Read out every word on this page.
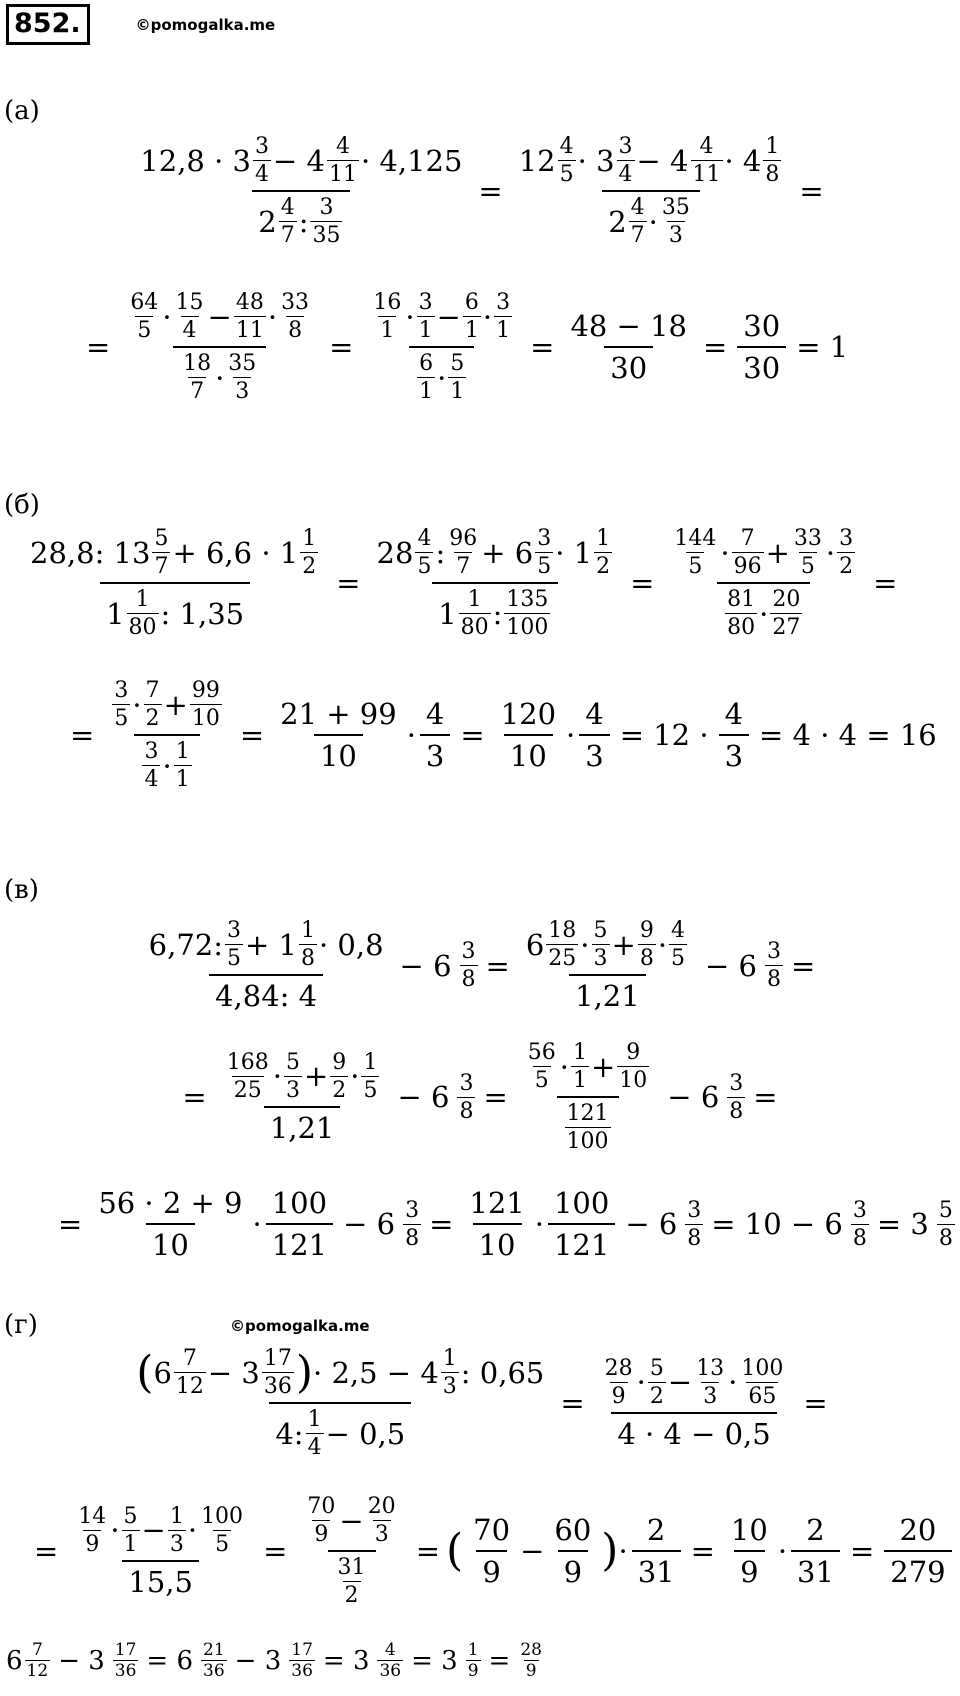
852.	©pomogalka.me
(а)
$\frac{12,8 \cdot 3 \frac{3}{4} - 4 \frac{4}{11} \cdot 4,125}{2 \frac{4}{7} : \frac{3}{35}}$ =
$12 \frac{4}{5} \cdot 3 \frac{3}{4} - 4 \frac{4}{11} \cdot 4 \frac{1}{8}$
$2 \frac{4}{7} \cdot \frac{35}{3}$
=
= $\frac{\frac{64}{5} \cdot \frac{15}{4} - \frac{48}{11} \cdot \frac{33}{8}}{\frac{18}{7} \cdot \frac{35}{3}} = \frac{\frac{16}{1} \cdot \frac{3}{1} - \frac{6}{1} \cdot \frac{3}{1}}{\frac{6}{1} \cdot \frac{5}{1}} = \frac{48 - 18}{30} = \frac{30}{30} = 1$
(б)
$\frac{28,8: 13 \frac{5}{7} + 6,6 \cdot 1 \frac{1}{2}}{1 \frac{1}{80} : 1,35}$ =
$28 \frac{4}{5}$ : $\frac{96}{7} + 6 \frac{3}{5} \cdot 1 \frac{1}{2}$
$1 \frac{1}{80}$ : $\frac{135}{100}$
= $\frac{\frac{144}{5} \cdot \frac{7}{96} + \frac{33}{5} \cdot \frac{3}{2}}{\frac{81}{80} \cdot \frac{20}{27}}$ =
= $\frac{\frac{3}{5} \cdot \frac{7}{2} + \frac{99}{10}}{\frac{3}{4} \cdot \frac{1}{1}} = \frac{21 + 99}{10} \cdot \frac{4}{3} = \frac{120}{10} \cdot \frac{4}{3} = 12 \cdot \frac{4}{3} = 4 \cdot 4 = 16$
(в)
$\frac{6,72: \frac{3}{5} + 1 \frac{1}{8} \cdot 0,8}{4,84: 4} - 6 \frac{3}{8}$ =
$6 \frac{18}{25} \cdot \frac{5}{3} + \frac{9}{8} \cdot \frac{4}{5}$
1,21
− $6 \frac{3}{8}$ =
= $\frac{\frac{168}{25} \cdot \frac{5}{3} + \frac{9}{2} \cdot \frac{1}{5}}{1,21} - 6 \frac{3}{8} = \frac{\frac{56}{5} \cdot \frac{1}{1} + \frac{9}{10}}{\frac{121}{100}} - 6 \frac{3}{8}$ =
= $\frac{56 \cdot 2 + 9}{10} \cdot \frac{100}{121} - 6 \frac{3}{8} = \frac{121}{10} \cdot \frac{100}{121} - 6 \frac{3}{8} = 10 - 6 \frac{3}{8} = 3 \frac{5}{8}$
(г)	©pomogalka.me
( $6 \frac{7}{12} - 3 \frac{17}{36}$ ) · $2,5 - 4 \frac{1}{3}$ : 0,65
4: $\frac{1}{4} - 0,5$
= $\frac{\frac{28}{9} \cdot \frac{5}{2} - \frac{13}{3} \cdot \frac{100}{65}}{4 \cdot 4 - 0,5}$ =
= $\frac{\frac{14}{9} \cdot \frac{5}{1} - \frac{1}{3} \cdot \frac{100}{5}}{15,5} = \frac{\frac{70}{9} - \frac{20}{3}}{\frac{31}{2}}$ = ( $\frac{70}{9} - \frac{60}{9}$ ) · $\frac{2}{31} = \frac{10}{9} \cdot \frac{2}{31} = \frac{20}{279}$
$6 \frac{7}{12} - 3 \frac{17}{36} = 6 \frac{21}{36} - 3 \frac{17}{36} = 3 \frac{4}{36} = 3 \frac{1}{9} = \frac{28}{9}$
